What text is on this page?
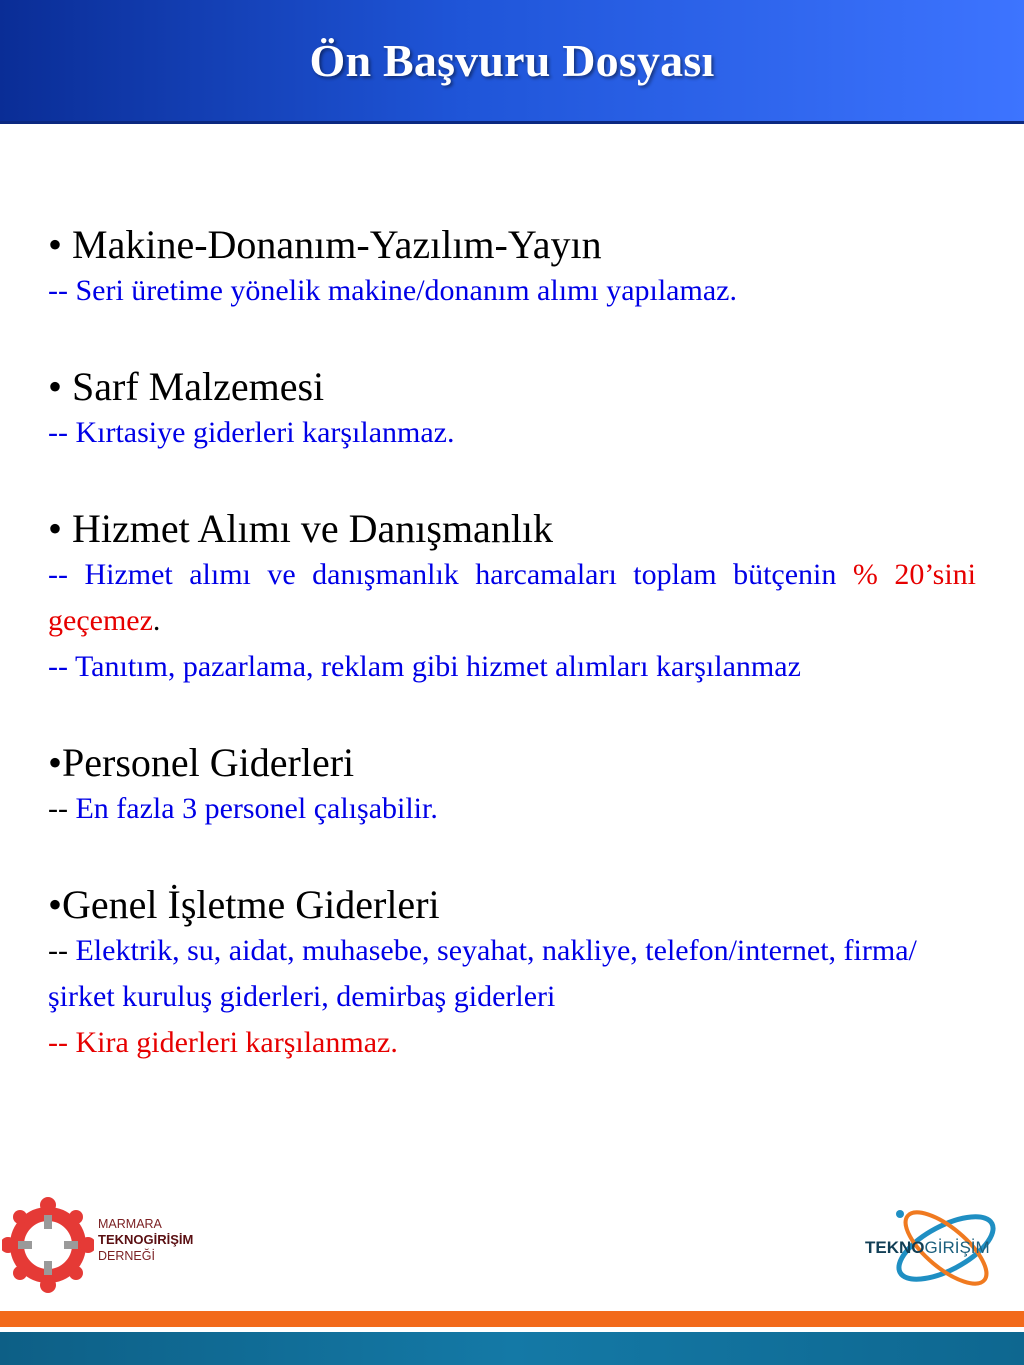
Ön Başvuru Dosyası
• Makine-Donanım-Yazılım-Yayın
-- Seri üretime yönelik makine/donanım alımı yapılamaz.
• Sarf Malzemesi
-- Kırtasiye giderleri karşılanmaz.
• Hizmet Alımı ve Danışmanlık
-- Hizmet alımı ve danışmanlık harcamaları toplam bütçenin % 20’sini geçemez.
-- Tanıtım, pazarlama, reklam gibi hizmet alımları karşılanmaz
•Personel Giderleri
-- En fazla 3 personel çalışabilir.
•Genel İşletme Giderleri
-- Elektrik, su, aidat, muhasebe, seyahat, nakliye, telefon/internet, firma/şirket kuruluş giderleri, demirbaş giderleri
-- Kira giderleri karşılanmaz.
MARMARA
TEKNOGİRİŞİM
DERNEĞİ	TEKNOGİRİŞİM
